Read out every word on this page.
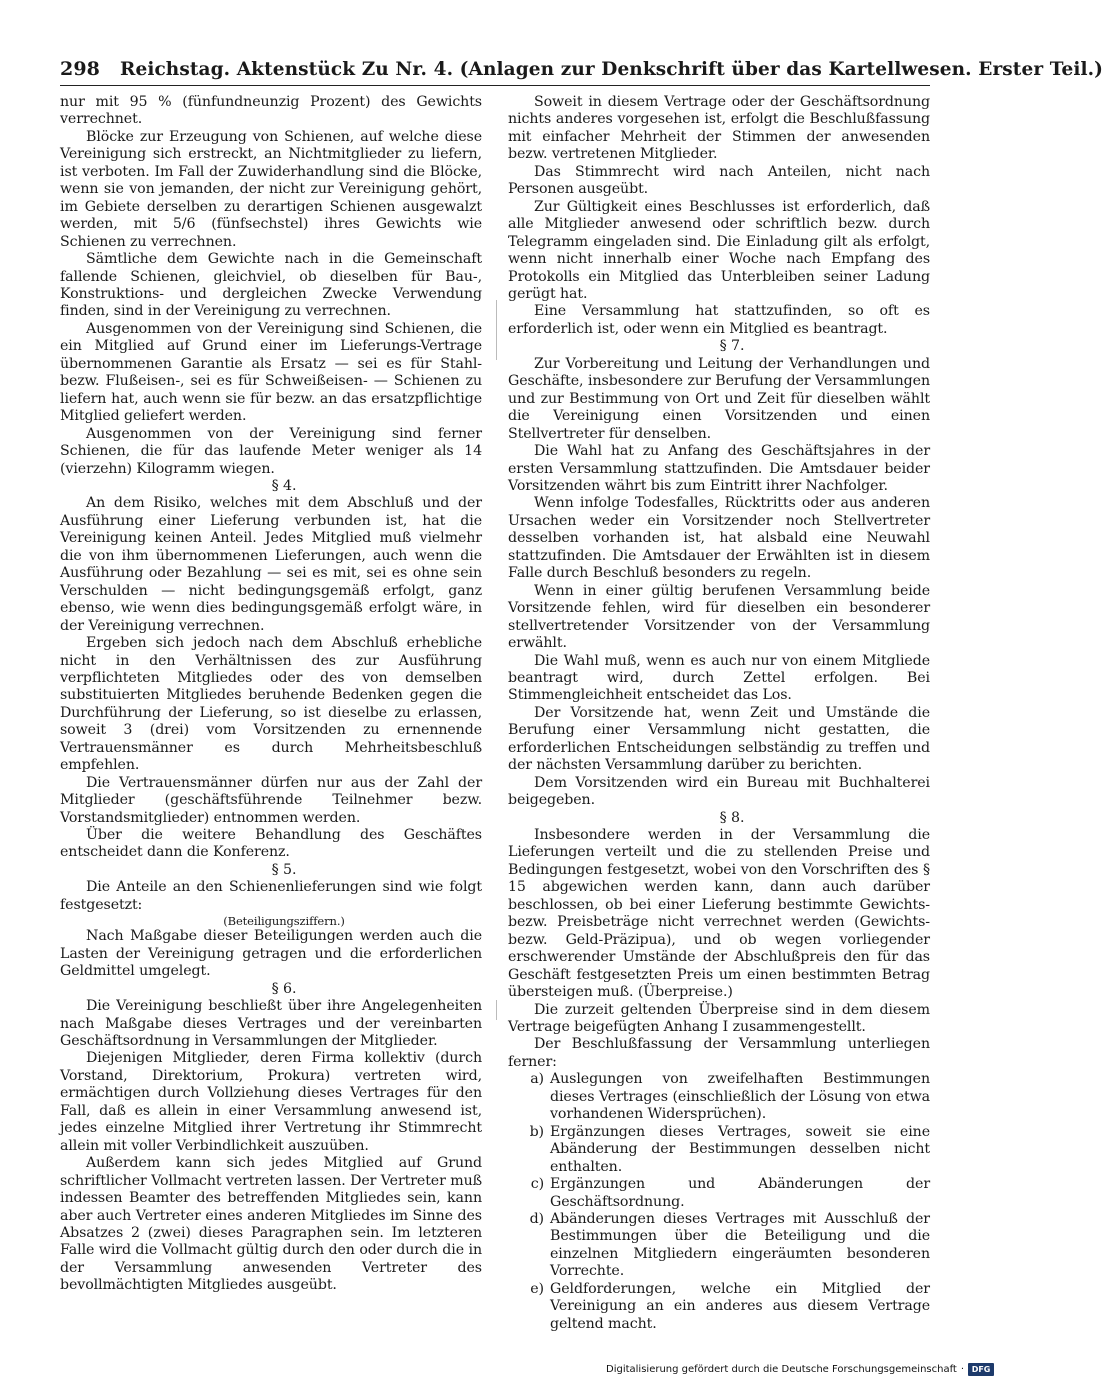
298 Reichstag. Aktenstück Zu Nr. 4. (Anlagen zur Denkschrift über das Kartellwesen. Erster Teil.)

nur mit 95 % (fünfundneunzig Prozent) des Gewichts verrechnet.

Blöcke zur Erzeugung von Schienen, auf welche diese Vereinigung sich erstreckt, an Nichtmitglieder zu liefern, ist verboten. Im Fall der Zuwiderhandlung sind die Blöcke, wenn sie von jemanden, der nicht zur Vereinigung gehört, im Gebiete derselben zu derartigen Schienen ausgewalzt werden, mit 5/6 (fünfsechstel) ihres Gewichts wie Schienen zu verrechnen.

Sämtliche dem Gewichte nach in die Gemeinschaft fallende Schienen, gleichviel, ob dieselben für Bau-, Konstruktions- und dergleichen Zwecke Verwendung finden, sind in der Vereinigung zu verrechnen.

Ausgenommen von der Vereinigung sind Schienen, die ein Mitglied auf Grund einer im Lieferungs-Vertrage übernommenen Garantie als Ersatz — sei es für Stahl- bezw. Flußeisen-, sei es für Schweißeisen- — Schienen zu liefern hat, auch wenn sie für bezw. an das ersatzpflichtige Mitglied geliefert werden.

Ausgenommen von der Vereinigung sind ferner Schienen, die für das laufende Meter weniger als 14 (vierzehn) Kilogramm wiegen.

§ 4.

An dem Risiko, welches mit dem Abschluß und der Ausführung einer Lieferung verbunden ist, hat die Vereinigung keinen Anteil. Jedes Mitglied muß vielmehr die von ihm übernommenen Lieferungen, auch wenn die Ausführung oder Bezahlung — sei es mit, sei es ohne sein Verschulden — nicht bedingungsgemäß erfolgt, ganz ebenso, wie wenn dies bedingungsgemäß erfolgt wäre, in der Vereinigung verrechnen.

Ergeben sich jedoch nach dem Abschluß erhebliche nicht in den Verhältnissen des zur Ausführung verpflichteten Mitgliedes oder des von demselben substituierten Mitgliedes beruhende Bedenken gegen die Durchführung der Lieferung, so ist dieselbe zu erlassen, soweit 3 (drei) vom Vorsitzenden zu ernennende Vertrauensmänner es durch Mehrheitsbeschluß empfehlen.

Die Vertrauensmänner dürfen nur aus der Zahl der Mitglieder (geschäftsführende Teilnehmer bezw. Vorstandsmitglieder) entnommen werden.

Über die weitere Behandlung des Geschäftes entscheidet dann die Konferenz.

§ 5.

Die Anteile an den Schienenlieferungen sind wie folgt festgesetzt:

(Beteiligungsziffern.)

Nach Maßgabe dieser Beteiligungen werden auch die Lasten der Vereinigung getragen und die erforderlichen Geldmittel umgelegt.

§ 6.

Die Vereinigung beschließt über ihre Angelegenheiten nach Maßgabe dieses Vertrages und der vereinbarten Geschäftsordnung in Versammlungen der Mitglieder.

Diejenigen Mitglieder, deren Firma kollektiv (durch Vorstand, Direktorium, Prokura) vertreten wird, ermächtigen durch Vollziehung dieses Vertrages für den Fall, daß es allein in einer Versammlung anwesend ist, jedes einzelne Mitglied ihrer Vertretung ihr Stimmrecht allein mit voller Verbindlichkeit auszuüben.

Außerdem kann sich jedes Mitglied auf Grund schriftlicher Vollmacht vertreten lassen. Der Vertreter muß indessen Beamter des betreffenden Mitgliedes sein, kann aber auch Vertreter eines anderen Mitgliedes im Sinne des Absatzes 2 (zwei) dieses Paragraphen sein. Im letzteren Falle wird die Vollmacht gültig durch den oder durch die in der Versammlung anwesenden Vertreter des bevollmächtigten Mitgliedes ausgeübt.

Soweit in diesem Vertrage oder der Geschäftsordnung nichts anderes vorgesehen ist, erfolgt die Beschlußfassung mit einfacher Mehrheit der Stimmen der anwesenden bezw. vertretenen Mitglieder.

Das Stimmrecht wird nach Anteilen, nicht nach Personen ausgeübt.

Zur Gültigkeit eines Beschlusses ist erforderlich, daß alle Mitglieder anwesend oder schriftlich bezw. durch Telegramm eingeladen sind. Die Einladung gilt als erfolgt, wenn nicht innerhalb einer Woche nach Empfang des Protokolls ein Mitglied das Unterbleiben seiner Ladung gerügt hat.

Eine Versammlung hat stattzufinden, so oft es erforderlich ist, oder wenn ein Mitglied es beantragt.

§ 7.

Zur Vorbereitung und Leitung der Verhandlungen und Geschäfte, insbesondere zur Berufung der Versammlungen und zur Bestimmung von Ort und Zeit für dieselben wählt die Vereinigung einen Vorsitzenden und einen Stellvertreter für denselben.

Die Wahl hat zu Anfang des Geschäftsjahres in der ersten Versammlung stattzufinden. Die Amtsdauer beider Vorsitzenden währt bis zum Eintritt ihrer Nachfolger.

Wenn infolge Todesfalles, Rücktritts oder aus anderen Ursachen weder ein Vorsitzender noch Stellvertreter desselben vorhanden ist, hat alsbald eine Neuwahl stattzufinden. Die Amtsdauer der Erwählten ist in diesem Falle durch Beschluß besonders zu regeln.

Wenn in einer gültig berufenen Versammlung beide Vorsitzende fehlen, wird für dieselben ein besonderer stellvertretender Vorsitzender von der Versammlung erwählt.

Die Wahl muß, wenn es auch nur von einem Mitgliede beantragt wird, durch Zettel erfolgen. Bei Stimmengleichheit entscheidet das Los.

Der Vorsitzende hat, wenn Zeit und Umstände die Berufung einer Versammlung nicht gestatten, die erforderlichen Entscheidungen selbständig zu treffen und der nächsten Versammlung darüber zu berichten.

Dem Vorsitzenden wird ein Bureau mit Buchhalterei beigegeben.

§ 8.

Insbesondere werden in der Versammlung die Lieferungen verteilt und die zu stellenden Preise und Bedingungen festgesetzt, wobei von den Vorschriften des § 15 abgewichen werden kann, dann auch darüber beschlossen, ob bei einer Lieferung bestimmte Gewichts- bezw. Preisbeträge nicht verrechnet werden (Gewichts- bezw. Geld-Präzipua), und ob wegen vorliegender erschwerender Umstände der Abschlußpreis den für das Geschäft festgesetzten Preis um einen bestimmten Betrag übersteigen muß. (Überpreise.)

Die zurzeit geltenden Überpreise sind in dem diesem Vertrage beigefügten Anhang I zusammengestellt.

Der Beschlußfassung der Versammlung unterliegen ferner:

a) Auslegungen von zweifelhaften Bestimmungen dieses Vertrages (einschließlich der Lösung von etwa vorhandenen Widersprüchen).
b) Ergänzungen dieses Vertrages, soweit sie eine Abänderung der Bestimmungen desselben nicht enthalten.
c) Ergänzungen und Abänderungen der Geschäftsordnung.
d) Abänderungen dieses Vertrages mit Ausschluß der Bestimmungen über die Beteiligung und die einzelnen Mitgliedern eingeräumten besonderen Vorrechte.
e) Geldforderungen, welche ein Mitglied der Vereinigung an ein anderes aus diesem Vertrage geltend macht.
Digitalisierung gefördert durch die Deutsche Forschungsgemeinschaft · DFG
